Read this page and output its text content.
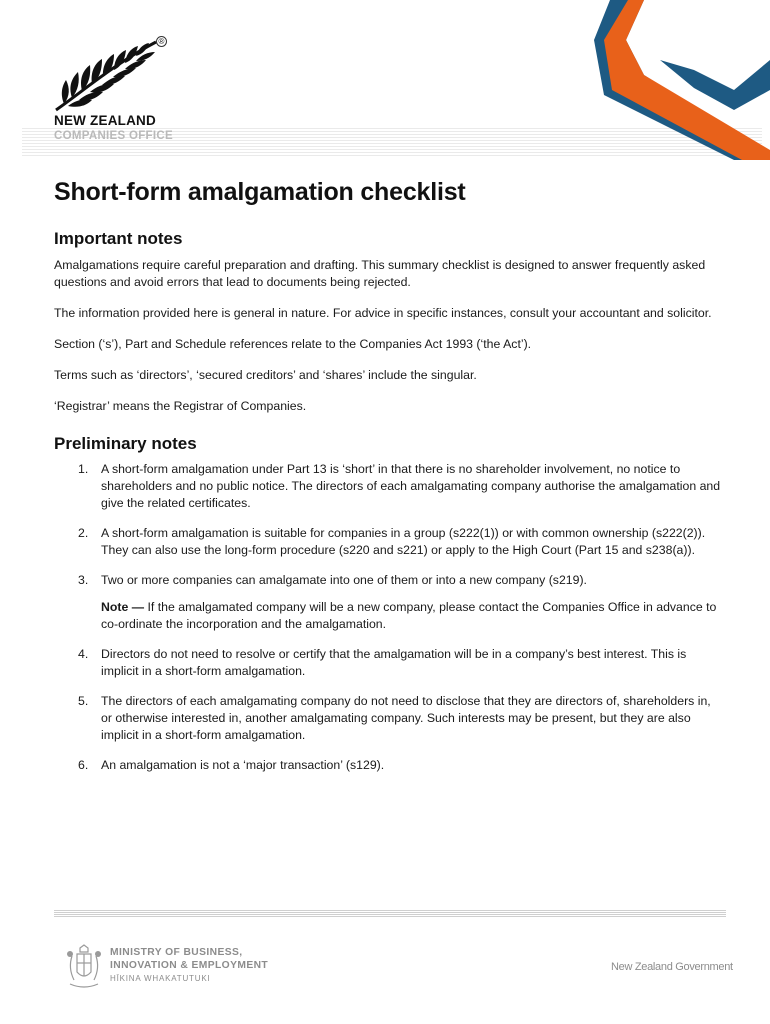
®
NEW ZEALAND
COMPANIES OFFICE
Short-form amalgamation checklist
Important notes

Amalgamations require careful preparation and drafting. This summary checklist is designed to answer frequently asked questions and avoid errors that lead to documents being rejected.

The information provided here is general in nature. For advice in specific instances, consult your accountant and solicitor.

Section (‘s’), Part and Schedule references relate to the Companies Act 1993 (‘the Act’).

Terms such as ‘directors’, ‘secured creditors’ and ‘shares’ include the singular.

‘Registrar’ means the Registrar of Companies.

Preliminary notes
1. A short-form amalgamation under Part 13 is ‘short’ in that there is no shareholder involvement, no notice to shareholders and no public notice. The directors of each amalgamating company authorise the amalgamation and give the related certificates.
2. A short-form amalgamation is suitable for companies in a group (s222(1)) or with common ownership (s222(2)). They can also use the long-form procedure (s220 and s221) or apply to the High Court (Part 15 and s238(a)).
3. Two or more companies can amalgamate into one of them or into a new company (s219).

Note — If the amalgamated company will be a new company, please contact the Companies Office in advance to co-ordinate the incorporation and the amalgamation.

4. Directors do not need to resolve or certify that the amalgamation will be in a company’s best interest. This is implicit in a short-form amalgamation.
5. The directors of each amalgamating company do not need to disclose that they are directors of, shareholders in, or otherwise interested in, another amalgamating company. Such interests may be present, but they are also implicit in a short-form amalgamation.
6. An amalgamation is not a ‘major transaction’ (s129).
MINISTRY OF BUSINESS,
INNOVATION & EMPLOYMENT
HĪKINA WHAKATUTUKI
New Zealand Government
